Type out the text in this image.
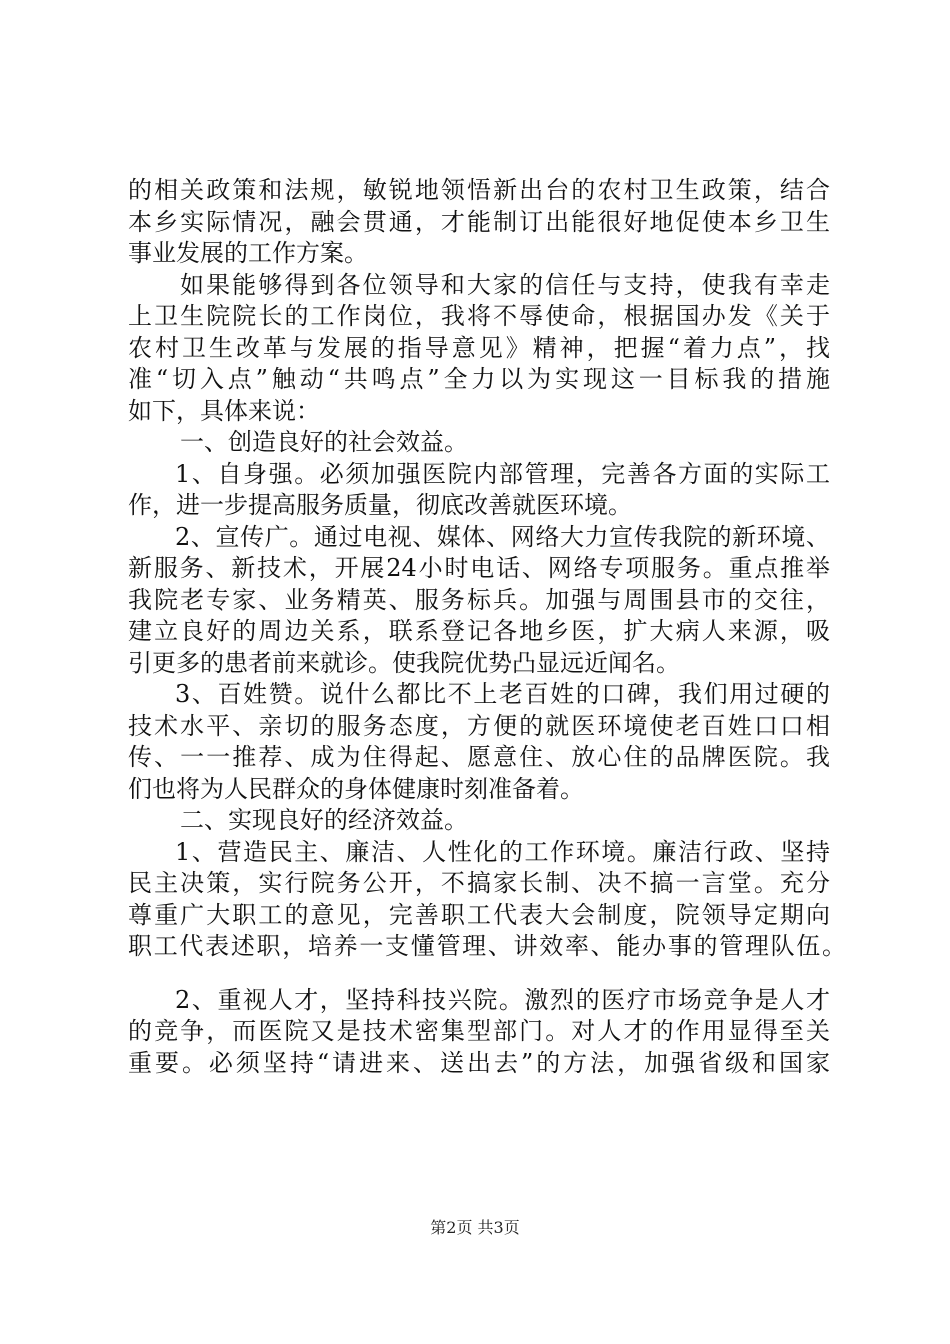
的相关政策和法规，敏锐地领悟新出台的农村卫生政策，结合

本乡实际情况，融会贯通，才能制订出能很好地促使本乡卫生

事业发展的工作方案。

如果能够得到各位领导和大家的信任与支持，使我有幸走

上卫生院院长的工作岗位，我将不辱使命，根据国办发《关于

农村卫生改革与发展的指导意见》精神，把握“着力点”，找

准“切入点”触动“共鸣点”全力以为实现这一目标我的措施

如下，具体来说：

一、创造良好的社会效益。

1、自身强。必须加强医院内部管理，完善各方面的实际工

作，进一步提高服务质量，彻底改善就医环境。

2、宣传广。通过电视、媒体、网络大力宣传我院的新环境、

新服务、新技术，开展24小时电话、网络专项服务。重点推举

我院老专家、业务精英、服务标兵。加强与周围县市的交往，

建立良好的周边关系，联系登记各地乡医，扩大病人来源，吸

引更多的患者前来就诊。使我院优势凸显远近闻名。

3、百姓赞。说什么都比不上老百姓的口碑，我们用过硬的

技术水平、亲切的服务态度，方便的就医环境使老百姓口口相

传、一一推荐、成为住得起、愿意住、放心住的品牌医院。我

们也将为人民群众的身体健康时刻准备着。

二、实现良好的经济效益。

1、营造民主、廉洁、人性化的工作环境。廉洁行政、坚持

民主决策，实行院务公开，不搞家长制、决不搞一言堂。充分

尊重广大职工的意见，完善职工代表大会制度，院领导定期向

职工代表述职，培养一支懂管理、讲效率、能办事的管理队伍。

2、重视人才，坚持科技兴院。激烈的医疗市场竞争是人才

的竞争，而医院又是技术密集型部门。对人才的作用显得至关

重要。必须坚持“请进来、送出去”的方法，加强省级和国家

第2页 共3页
